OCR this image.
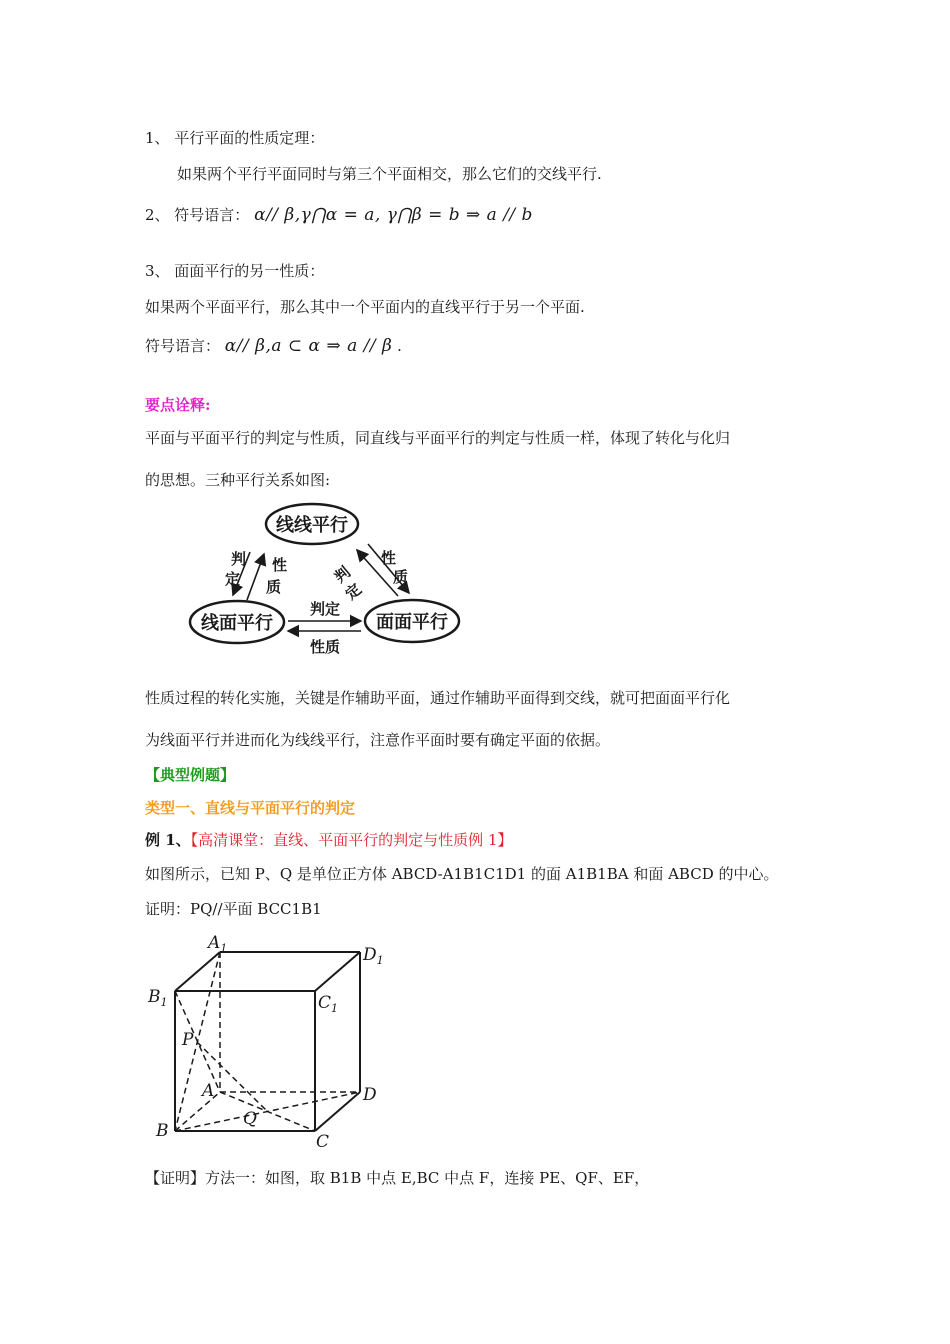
1、 平行平面的性质定理：
如果两个平行平面同时与第三个平面相交，那么它们的交线平行.
2、 符号语言： α// β,γ⋂α = a, γ⋂β = b ⇒ a // b
3、 面面平行的另一性质：
如果两个平面平行，那么其中一个平面内的直线平行于另一个平面.
符号语言： α// β,a ⊂ α ⇒ a // β .
要点诠释:
平面与平面平行的判定与性质，同直线与平面平行的判定与性质一样，体现了转化与化归
的思想。三种平行关系如图:
线线平行
线面平行	面面平行
判
定
性
质
性
质
判
定
判定
性质
性质过程的转化实施，关键是作辅助平面，通过作辅助平面得到交线，就可把面面平行化
为线面平行并进而化为线线平行，注意作平面时要有确定平面的依据。
【典型例题】
类型一、直线与平面平行的判定
例 1、【高清课堂：直线、平面平行的判定与性质例 1】
如图所示，已知 P、Q 是单位正方体 ABCD-A1B1C1D1 的面 A1B1BA 和面 ABCD 的中心。
证明：PQ//平面 BCC1B1
$A_1$	$D_1$
$B_1$	$C_1$
P
A	D
Q
B
C
【证明】方法一：如图，取 B1B 中点 E,BC 中点 F，连接 PE、QF、EF，
